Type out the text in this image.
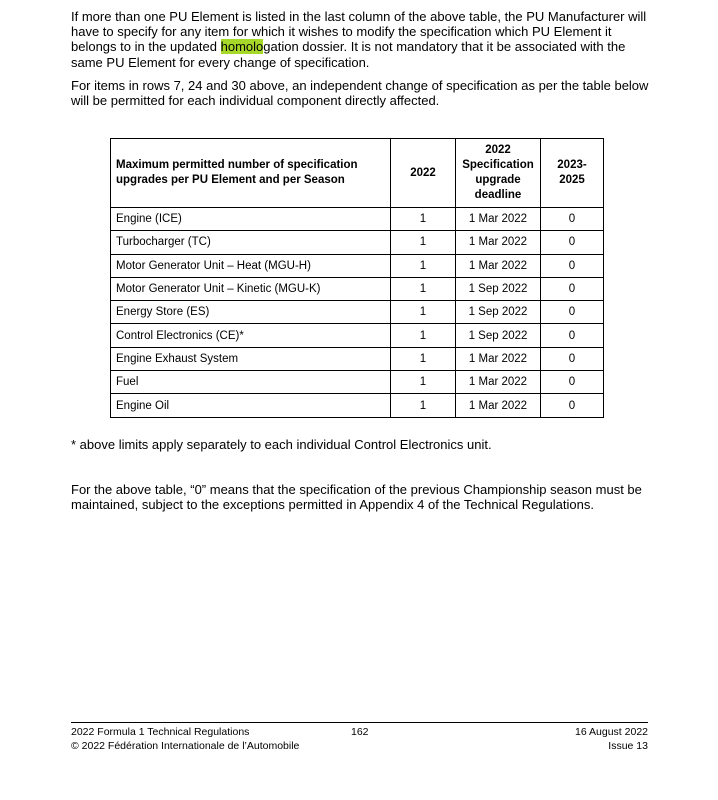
If more than one PU Element is listed in the last column of the above table, the PU Manufacturer will have to specify for any item for which it wishes to modify the specification which PU Element it belongs to in the updated homologation dossier. It is not mandatory that it be associated with the same PU Element for every change of specification.

For items in rows 7, 24 and 30 above, an independent change of specification as per the table below will be permitted for each individual component directly affected.

Maximum permitted number of specification upgrades per PU Element and per Season	2022	2022 Specification upgrade deadline	2023-2025
Engine (ICE)	1	1 Mar 2022	0
Turbocharger (TC)	1	1 Mar 2022	0
Motor Generator Unit – Heat (MGU-H)	1	1 Mar 2022	0
Motor Generator Unit – Kinetic (MGU-K)	1	1 Sep 2022	0
Energy Store (ES)	1	1 Sep 2022	0
Control Electronics (CE)*	1	1 Sep 2022	0
Engine Exhaust System	1	1 Mar 2022	0
Fuel	1	1 Mar 2022	0
Engine Oil	1	1 Mar 2022	0

* above limits apply separately to each individual Control Electronics unit.

For the above table, “0” means that the specification of the previous Championship season must be maintained, subject to the exceptions permitted in Appendix 4 of the Technical Regulations.

2022 Formula 1 Technical Regulations
© 2022 Fédération Internationale de l’Automobile
162	16 August 2022
Issue 13
